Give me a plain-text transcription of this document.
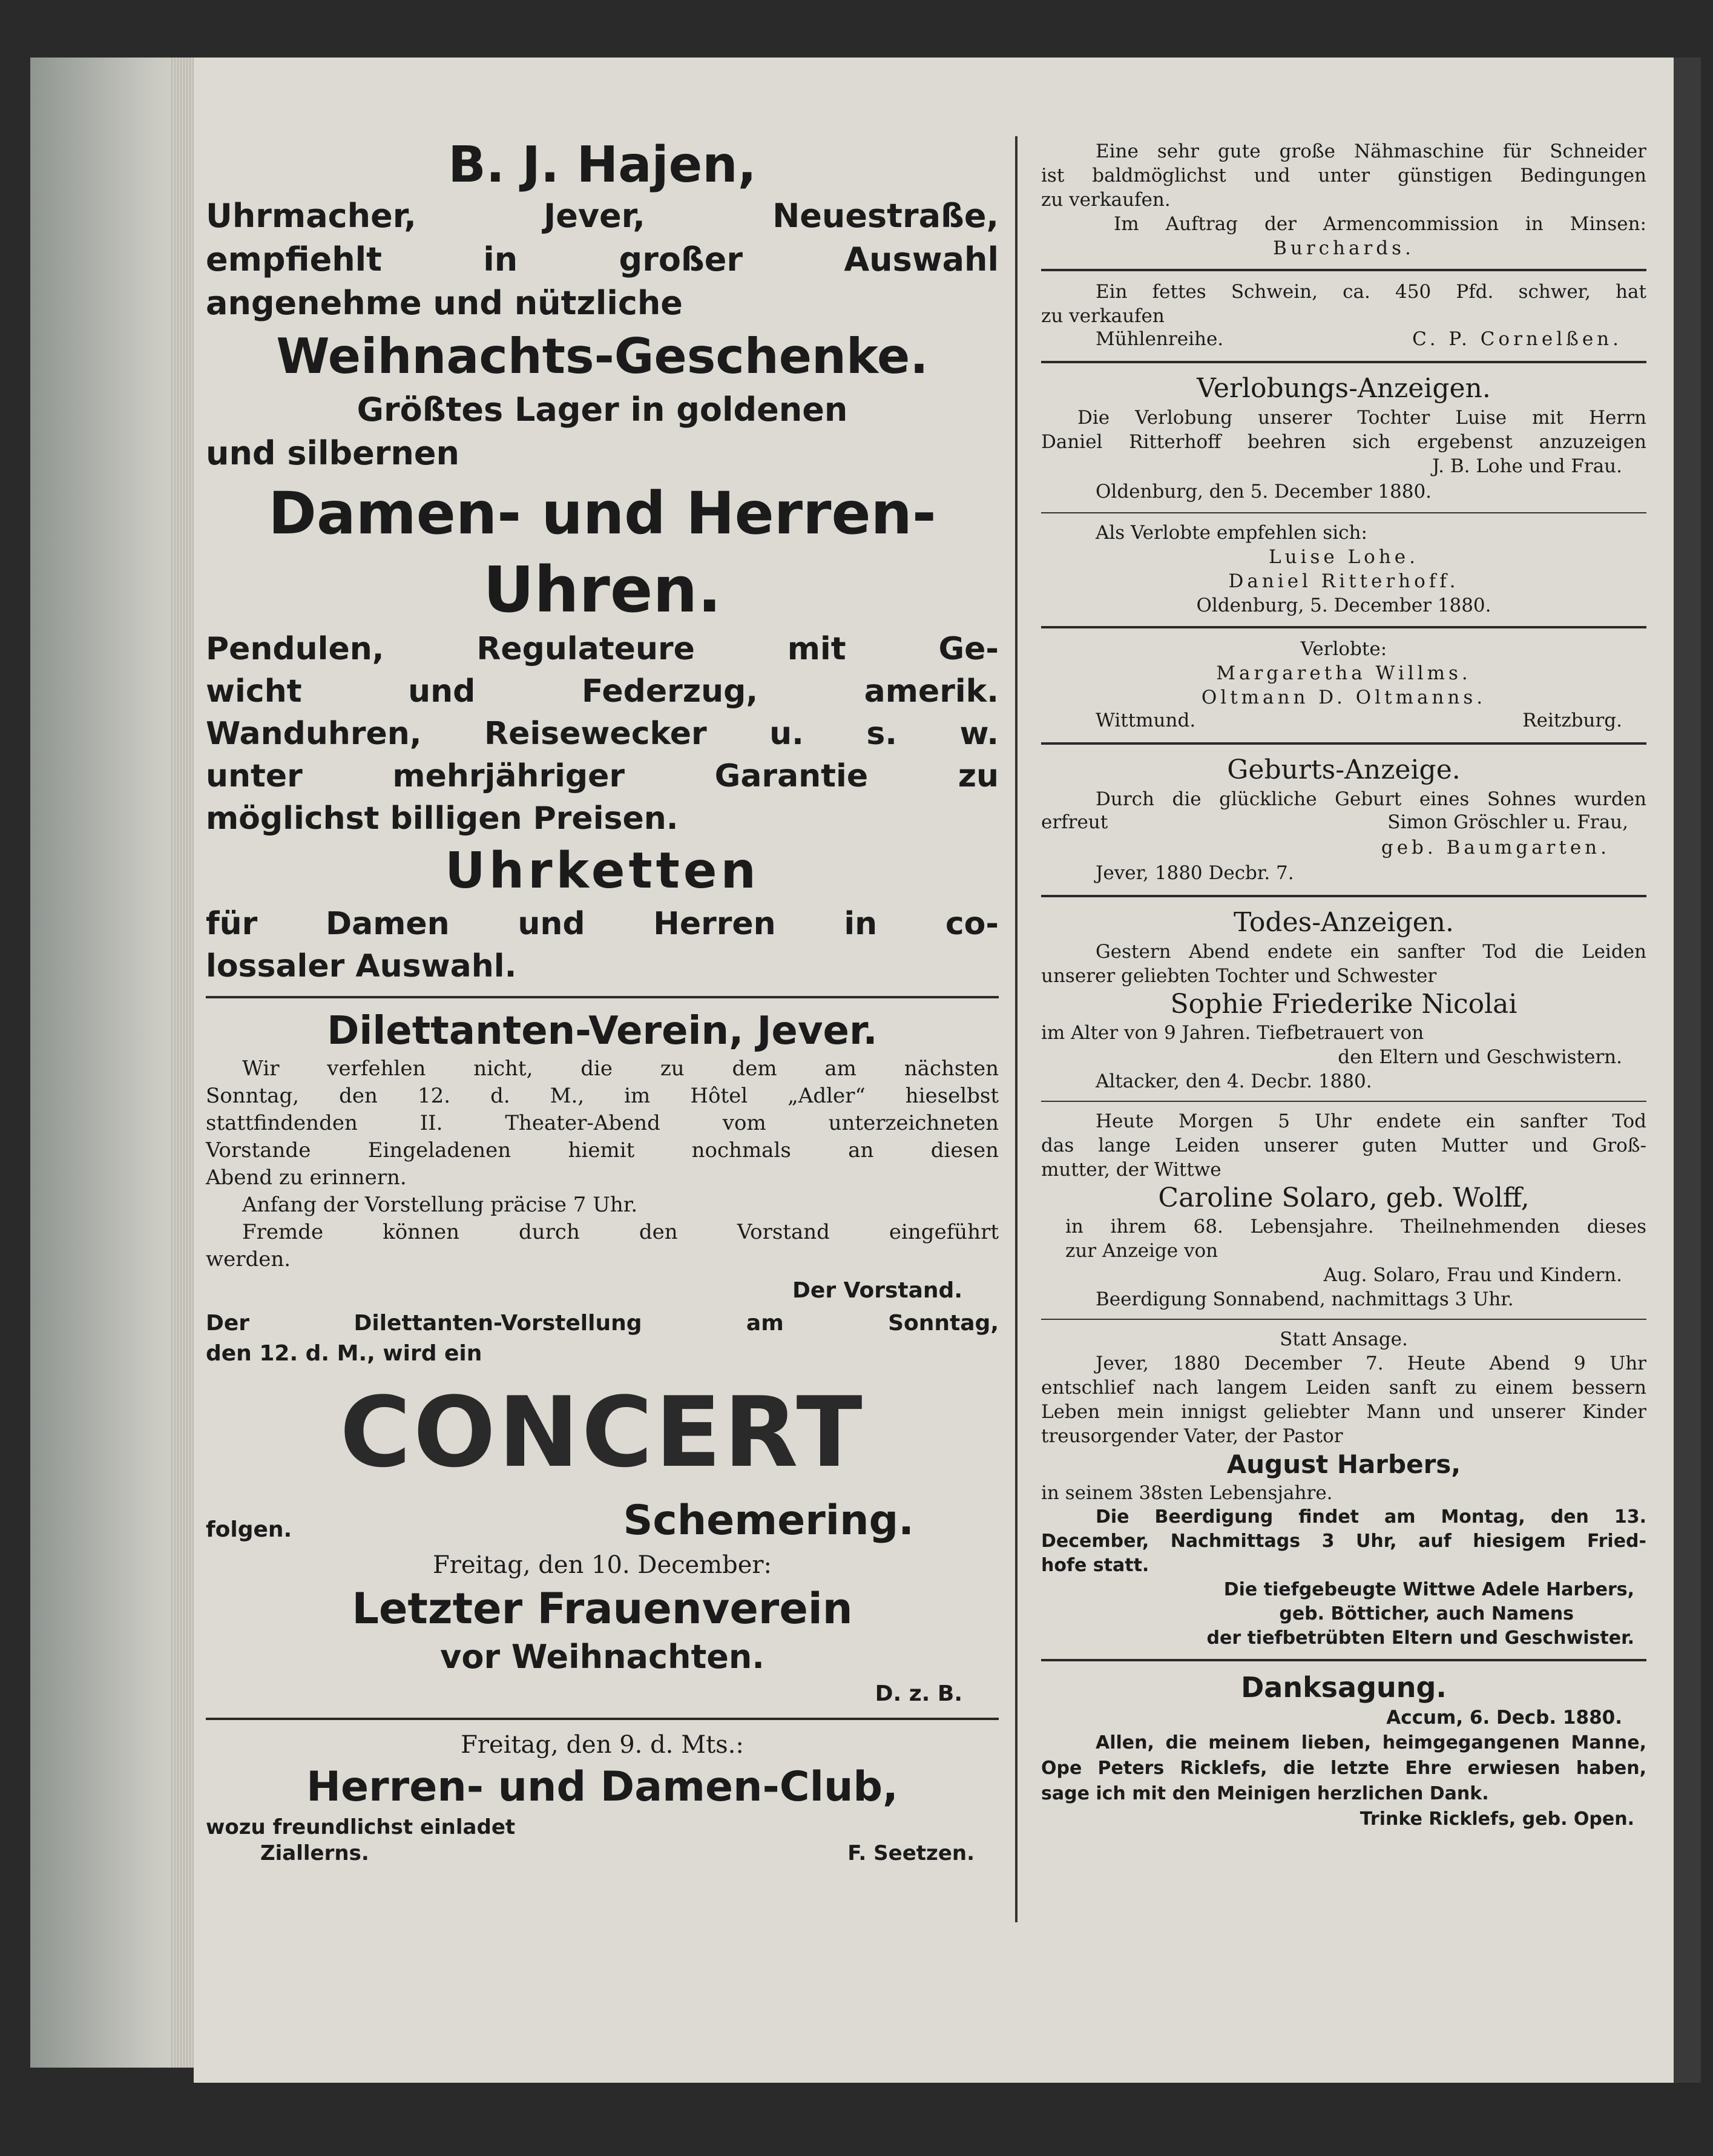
B. J. Hajen,
Uhrmacher, Jever, Neuestraße,
empfiehlt in großer Auswahl
angenehme und nützliche
Weihnachts-Geschenke.
Größtes Lager in goldenen
und silbernen
Damen- und Herren-
Uhren.
Pendulen, Regulateure mit Ge-
wicht und Federzug, amerik.
Wanduhren, Reisewecker u. s. w.
unter mehrjähriger Garantie zu
möglichst billigen Preisen.
Uhrketten
für Damen und Herren in co-
lossaler Auswahl.
Dilettanten-Verein, Jever.
Wir verfehlen nicht, die zu dem am nächsten
Sonntag, den 12. d. M., im Hôtel „Adler“ hieselbst
stattfindenden II. Theater-Abend vom unterzeichneten
Vorstande Eingeladenen hiemit nochmals an diesen
Abend zu erinnern.
Anfang der Vorstellung präcise 7 Uhr.
Fremde können durch den Vorstand eingeführt
werden.
Der Vorstand.
Der Dilettanten-Vorstellung am Sonntag,
den 12. d. M., wird ein
CONCERT
folgen.	Schemering.
Freitag, den 10. December:
Letzter Frauenverein
vor Weihnachten.
D. z. B.
Freitag, den 9. d. Mts.:
Herren- und Damen-Club,
wozu freundlichst einladet
Ziallerns.	F. Seetzen.
Eine sehr gute große Nähmaschine für Schneider
ist baldmöglichst und unter günstigen Bedingungen
zu verkaufen.
Im Auftrag der Armencommission in Minsen:
Burchards.
Ein fettes Schwein, ca. 450 Pfd. schwer, hat
zu verkaufen
Mühlenreihe.	C. P. Cornelßen.
Verlobungs-Anzeigen.
Die Verlobung unserer Tochter Luise mit Herrn
Daniel Ritterhoff beehren sich ergebenst anzuzeigen
J. B. Lohe und Frau.
Oldenburg, den 5. December 1880.
Als Verlobte empfehlen sich:
Luise Lohe.
Daniel Ritterhoff.
Oldenburg, 5. December 1880.
Verlobte:
Margaretha Willms.
Oltmann D. Oltmanns.
Wittmund.	Reitzburg.
Geburts-Anzeige.
Durch die glückliche Geburt eines Sohnes wurden
erfreut	Simon Gröschler u. Frau,
geb. Baumgarten.
Jever, 1880 Decbr. 7.
Todes-Anzeigen.
Gestern Abend endete ein sanfter Tod die Leiden
unserer geliebten Tochter und Schwester
Sophie Friederike Nicolai
im Alter von 9 Jahren. Tiefbetrauert von
den Eltern und Geschwistern.
Altacker, den 4. Decbr. 1880.
Heute Morgen 5 Uhr endete ein sanfter Tod
das lange Leiden unserer guten Mutter und Groß-
mutter, der Wittwe
Caroline Solaro, geb. Wolff,
in ihrem 68. Lebensjahre. Theilnehmenden dieses
zur Anzeige von
Aug. Solaro, Frau und Kindern.
Beerdigung Sonnabend, nachmittags 3 Uhr.
Statt Ansage.
Jever, 1880 December 7. Heute Abend 9 Uhr
entschlief nach langem Leiden sanft zu einem bessern
Leben mein innigst geliebter Mann und unserer Kinder
treusorgender Vater, der Pastor
August Harbers,
in seinem 38sten Lebensjahre.
Die Beerdigung findet am Montag, den 13.
December, Nachmittags 3 Uhr, auf hiesigem Fried-
hofe statt.
Die tiefgebeugte Wittwe Adele Harbers,
geb. Bötticher, auch Namens
der tiefbetrübten Eltern und Geschwister.
Danksagung.
Accum, 6. Decb. 1880.
Allen, die meinem lieben, heimgegangenen Manne,
Ope Peters Ricklefs, die letzte Ehre erwiesen haben,
sage ich mit den Meinigen herzlichen Dank.
Trinke Ricklefs, geb. Open.
